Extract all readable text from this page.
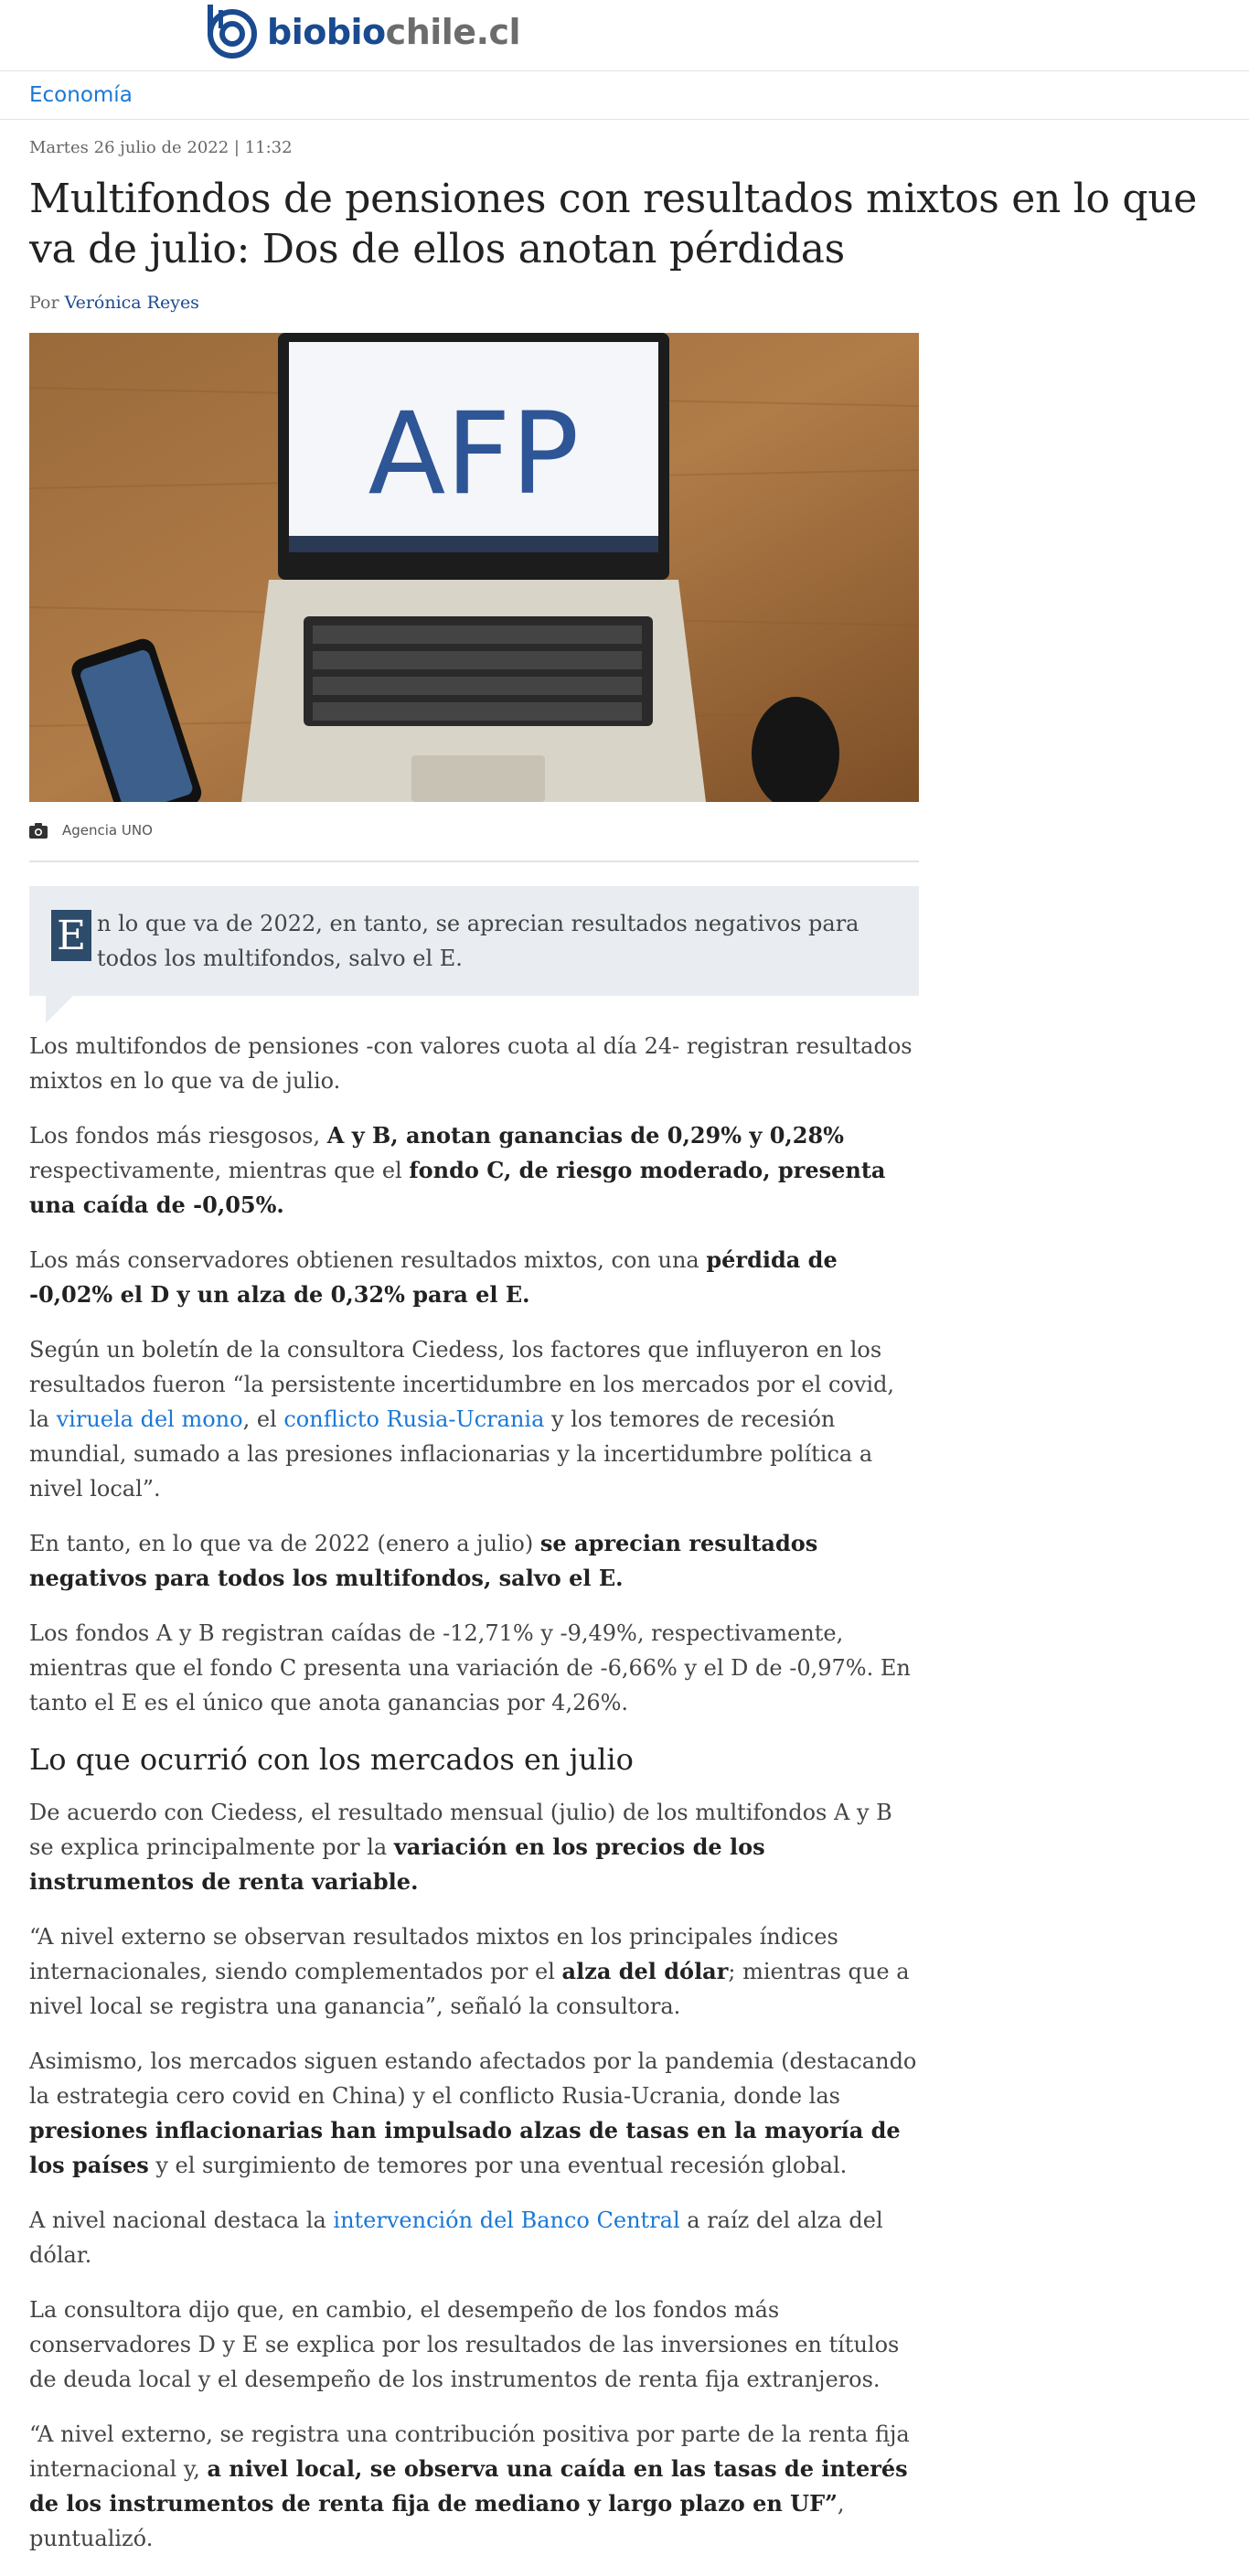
biobiochile.cl
Economía
Martes 26 julio de 2022 | 11:32
Multifondos de pensiones con resultados mixtos en lo que va de julio: Dos de ellos anotan pérdidas
Por Verónica Reyes
AFP
Agencia UNO
E n lo que va de 2022, en tanto, se aprecian resultados negativos para todos los multifondos, salvo el E.

Los multifondos de pensiones -con valores cuota al día 24- registran resultados mixtos en lo que va de julio.

Los fondos más riesgosos, A y B, anotan ganancias de 0,29% y 0,28% respectivamente, mientras que el fondo C, de riesgo moderado, presenta una caída de -0,05%.

Los más conservadores obtienen resultados mixtos, con una pérdida de -0,02% el D y un alza de 0,32% para el E.

Según un boletín de la consultora Ciedess, los factores que influyeron en los resultados fueron “la persistente incertidumbre en los mercados por el covid, la viruela del mono, el conflicto Rusia-Ucrania y los temores de recesión mundial, sumado a las presiones inflacionarias y la incertidumbre política a nivel local”.

En tanto, en lo que va de 2022 (enero a julio) se aprecian resultados negativos para todos los multifondos, salvo el E.

Los fondos A y B registran caídas de -12,71% y -9,49%, respectivamente, mientras que el fondo C presenta una variación de -6,66% y el D de -0,97%. En tanto el E es el único que anota ganancias por 4,26%.

Lo que ocurrió con los mercados en julio

De acuerdo con Ciedess, el resultado mensual (julio) de los multifondos A y B se explica principalmente por la variación en los precios de los instrumentos de renta variable.

“A nivel externo se observan resultados mixtos en los principales índices internacionales, siendo complementados por el alza del dólar; mientras que a nivel local se registra una ganancia”, señaló la consultora.

Asimismo, los mercados siguen estando afectados por la pandemia (destacando la estrategia cero covid en China) y el conflicto Rusia-Ucrania, donde las presiones inflacionarias han impulsado alzas de tasas en la mayoría de los países y el surgimiento de temores por una eventual recesión global.

A nivel nacional destaca la intervención del Banco Central a raíz del alza del dólar.

La consultora dijo que, en cambio, el desempeño de los fondos más conservadores D y E se explica por los resultados de las inversiones en títulos de deuda local y el desempeño de los instrumentos de renta fija extranjeros.

“A nivel externo, se registra una contribución positiva por parte de la renta fija internacional y, a nivel local, se observa una caída en las tasas de interés de los instrumentos de renta fija de mediano y largo plazo en UF”, puntualizó.
